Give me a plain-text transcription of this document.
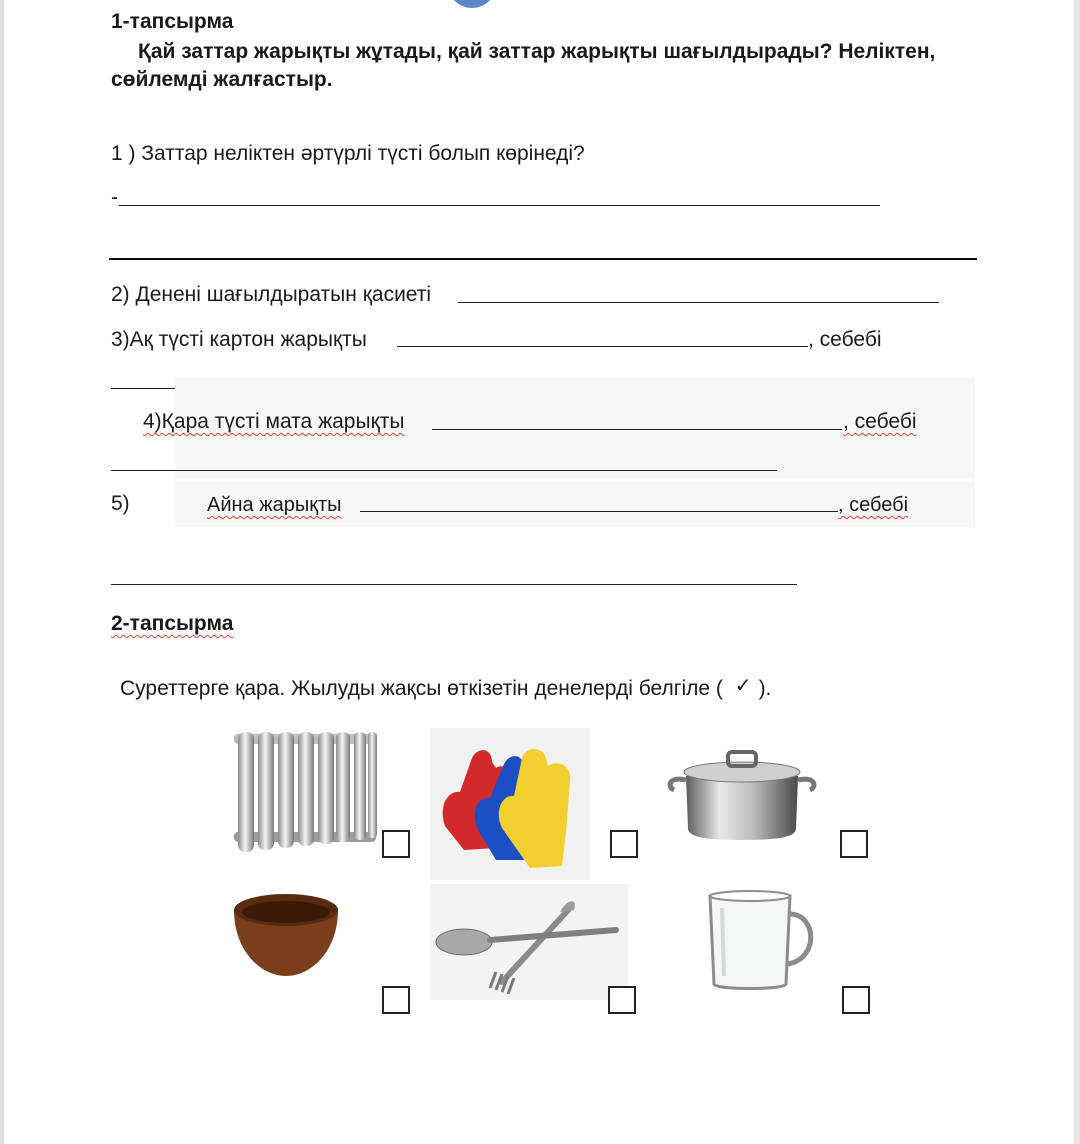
1-тапсырма
Қай заттар жарықты жұтады, қай заттар жарықты шағылдырады? Неліктен,
сөйлемді жалғастыр.
1 ) Заттар неліктен әртүрлі түсті болып көрінеді?
-
2) Денені шағылдыратын қасиеті
3)Ақ түсті картон жарықты	, себебі
4)Қара түсті мата жарықты	, себебі
5)	Айна жарықты	, себебі
2-тапсырма
Суреттерге қара. Жылуды жақсы өткізетін денелерді белгіле ( ✓ ).
